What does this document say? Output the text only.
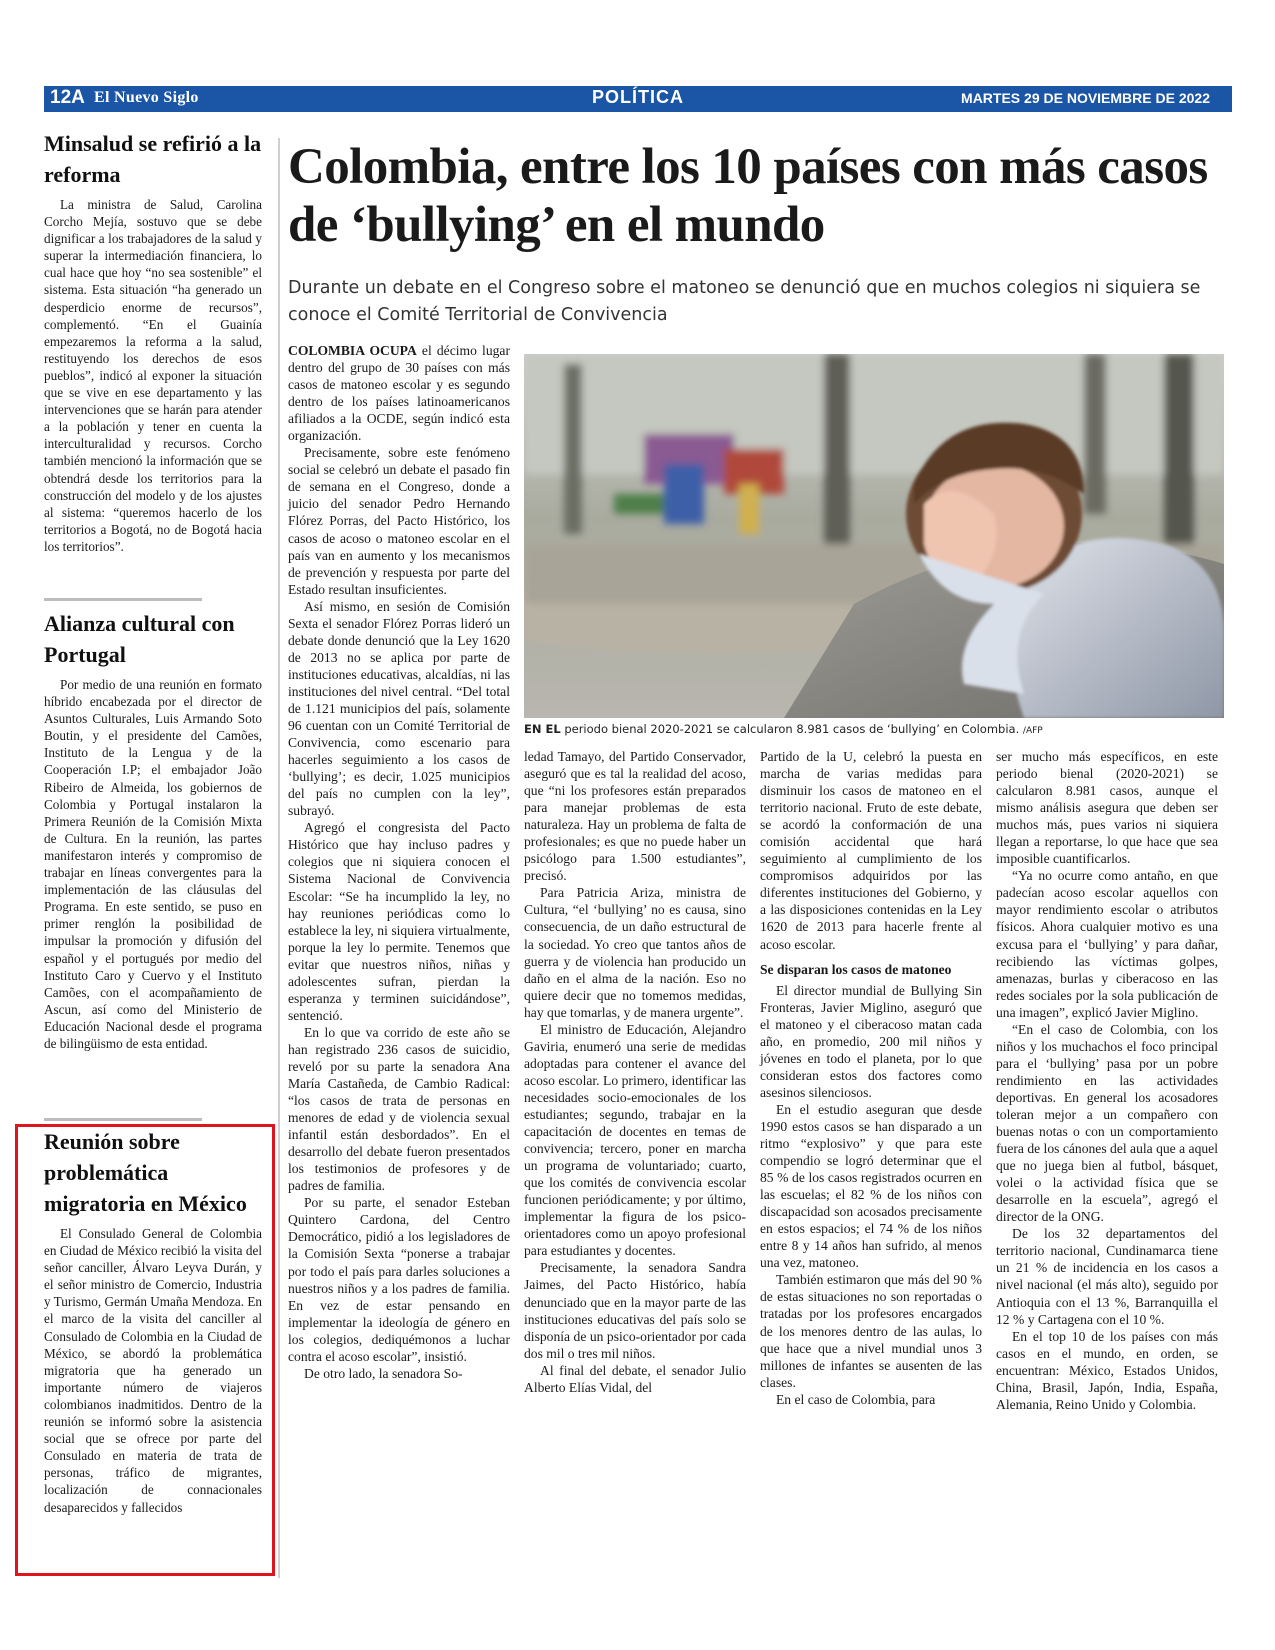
12A El Nuevo Siglo	POLÍTICA	MARTES 29 DE NOVIEMBRE DE 2022
Minsalud se refirió a la reforma

La ministra de Salud, Carolina Corcho Mejía, sostuvo que se debe dignificar a los trabajadores de la salud y superar la intermediación financiera, lo cual hace que hoy “no sea sostenible” el sistema. Esta situación “ha generado un desperdicio enorme de recursos”, complementó. “En el Guainía empezaremos la reforma a la salud, restituyendo los derechos de esos pueblos”, indicó al exponer la situación que se vive en ese departamento y las intervenciones que se harán para atender a la población y tener en cuenta la interculturalidad y recursos. Corcho también mencionó la información que se obtendrá desde los territorios para la construcción del modelo y de los ajustes al sistema: “queremos hacerlo de los territorios a Bogotá, no de Bogotá hacia los territorios”.

Alianza cultural con Portugal

Por medio de una reunión en formato híbrido encabezada por el director de Asuntos Culturales, Luis Armando Soto Boutin, y el presidente del Camões, Instituto de la Lengua y de la Cooperación I.P; el embajador João Ribeiro de Almeida, los gobiernos de Colombia y Portugal instalaron la Primera Reunión de la Comisión Mixta de Cultura. En la reunión, las partes manifestaron interés y compromiso de trabajar en líneas convergentes para la implementación de las cláusulas del Programa. En este sentido, se puso en primer renglón la posibilidad de impulsar la promoción y difusión del español y el portugués por medio del Instituto Caro y Cuervo y el Instituto Camões, con el acompañamiento de Ascun, así como del Ministerio de Educación Nacional desde el programa de bilingüismo de esta entidad.

Reunión sobre problemática migratoria en México

El Consulado General de Colombia en Ciudad de México recibió la visita del señor canciller, Álvaro Leyva Durán, y el señor ministro de Comercio, Industria y Turismo, Germán Umaña Mendoza. En el marco de la visita del canciller al Consulado de Colombia en la Ciudad de México, se abordó la problemática migratoria que ha generado un importante número de viajeros colombianos inadmitidos. Dentro de la reunión se informó sobre la asistencia social que se ofrece por parte del Consulado en materia de trata de personas, tráfico de migrantes, localización de connacionales desaparecidos y fallecidos

Colombia, entre los 10 países con más casos de ‘bullying’ en el mundo

Durante un debate en el Congreso sobre el matoneo se denunció que en muchos colegios ni siquiera se conoce el Comité Territorial de Convivencia

EN EL periodo bienal 2020-2021 se calcularon 8.981 casos de ‘bullying’ en Colombia. /AFP

COLOMBIA OCUPA el décimo lugar dentro del grupo de 30 países con más casos de matoneo escolar y es segundo dentro de los países latinoamericanos afiliados a la OCDE, según indicó esta organización.

Precisamente, sobre este fenómeno social se celebró un debate el pasado fin de semana en el Congreso, donde a juicio del senador Pedro Hernando Flórez Porras, del Pacto Histórico, los casos de acoso o matoneo escolar en el país van en aumento y los mecanismos de prevención y respuesta por parte del Estado resultan insuficientes.

Así mismo, en sesión de Comisión Sexta el senador Flórez Porras lideró un debate donde denunció que la Ley 1620 de 2013 no se aplica por parte de instituciones educativas, alcaldías, ni las instituciones del nivel central. “Del total de 1.121 municipios del país, solamente 96 cuentan con un Comité Territorial de Convivencia, como escenario para hacerles seguimiento a los casos de ‘bullying’; es decir, 1.025 municipios del país no cumplen con la ley”, subrayó.

Agregó el congresista del Pacto Histórico que hay incluso padres y colegios que ni siquiera conocen el Sistema Nacional de Convivencia Escolar: “Se ha incumplido la ley, no hay reuniones periódicas como lo establece la ley, ni siquiera virtualmente, porque la ley lo permite. Tenemos que evitar que nuestros niños, niñas y adolescentes sufran, pierdan la esperanza y terminen suicidándose”, sentenció.

En lo que va corrido de este año se han registrado 236 casos de suicidio, reveló por su parte la senadora Ana María Castañeda, de Cambio Radical: “los casos de trata de personas en menores de edad y de violencia sexual infantil están desbordados”. En el desarrollo del debate fueron presentados los testimonios de profesores y de padres de familia.

Por su parte, el senador Esteban Quintero Cardona, del Centro Democrático, pidió a los legisladores de la Comisión Sexta “ponerse a trabajar por todo el país para darles soluciones a nuestros niños y a los padres de familia. En vez de estar pensando en implementar la ideología de género en los colegios, dediquémonos a luchar contra el acoso escolar”, insistió.

De otro lado, la senadora So-

ledad Tamayo, del Partido Conservador, aseguró que es tal la realidad del acoso, que “ni los profesores están preparados para manejar problemas de esta naturaleza. Hay un problema de falta de profesionales; es que no puede haber un psicólogo para 1.500 estudiantes”, precisó.

Para Patricia Ariza, ministra de Cultura, “el ‘bullying’ no es causa, sino consecuencia, de un daño estructural de la sociedad. Yo creo que tantos años de guerra y de violencia han producido un daño en el alma de la nación. Eso no quiere decir que no tomemos medidas, hay que tomarlas, y de manera urgente”.

El ministro de Educación, Alejandro Gaviria, enumeró una serie de medidas adoptadas para contener el avance del acoso escolar. Lo primero, identificar las necesidades socio-emocionales de los estudiantes; segundo, trabajar en la capacitación de docentes en temas de convivencia; tercero, poner en marcha un programa de voluntariado; cuarto, que los comités de convivencia escolar funcionen periódicamente; y por último, implementar la figura de los psico-orientadores como un apoyo profesional para estudiantes y docentes.

Precisamente, la senadora Sandra Jaimes, del Pacto Histórico, había denunciado que en la mayor parte de las instituciones educativas del país solo se disponía de un psico-orientador por cada dos mil o tres mil niños.

Al final del debate, el senador Julio Alberto Elías Vidal, del

Partido de la U, celebró la puesta en marcha de varias medidas para disminuir los casos de matoneo en el territorio nacional. Fruto de este debate, se acordó la conformación de una comisión accidental que hará seguimiento al cumplimiento de los compromisos adquiridos por las diferentes instituciones del Gobierno, y a las disposiciones contenidas en la Ley 1620 de 2013 para hacerle frente al acoso escolar.

Se disparan los casos de matoneo

El director mundial de Bullying Sin Fronteras, Javier Miglino, aseguró que el matoneo y el ciberacoso matan cada año, en promedio, 200 mil niños y jóvenes en todo el planeta, por lo que consideran estos dos factores como asesinos silenciosos.

En el estudio aseguran que desde 1990 estos casos se han disparado a un ritmo “explosivo” y que para este compendio se logró determinar que el 85 % de los casos registrados ocurren en las escuelas; el 82 % de los niños con discapacidad son acosados precisamente en estos espacios; el 74 % de los niños entre 8 y 14 años han sufrido, al menos una vez, matoneo.

También estimaron que más del 90 % de estas situaciones no son reportadas o tratadas por los profesores encargados de los menores dentro de las aulas, lo que hace que a nivel mundial unos 3 millones de infantes se ausenten de las clases.

En el caso de Colombia, para

ser mucho más específicos, en este periodo bienal (2020-2021) se calcularon 8.981 casos, aunque el mismo análisis asegura que deben ser muchos más, pues varios ni siquiera llegan a reportarse, lo que hace que sea imposible cuantificarlos.

“Ya no ocurre como antaño, en que padecían acoso escolar aquellos con mayor rendimiento escolar o atributos físicos. Ahora cualquier motivo es una excusa para el ‘bullying’ y para dañar, recibiendo las víctimas golpes, amenazas, burlas y ciberacoso en las redes sociales por la sola publicación de una imagen”, explicó Javier Miglino.

“En el caso de Colombia, con los niños y los muchachos el foco principal para el ‘bullying’ pasa por un pobre rendimiento en las actividades deportivas. En general los acosadores toleran mejor a un compañero con buenas notas o con un comportamiento fuera de los cánones del aula que a aquel que no juega bien al futbol, básquet, volei o la actividad física que se desarrolle en la escuela”, agregó el director de la ONG.

De los 32 departamentos del territorio nacional, Cundinamarca tiene un 21 % de incidencia en los casos a nivel nacional (el más alto), seguido por Antioquia con el 13 %, Barranquilla el 12 % y Cartagena con el 10 %.

En el top 10 de los países con más casos en el mundo, en orden, se encuentran: México, Estados Unidos, China, Brasil, Japón, India, España, Alemania, Reino Unido y Colombia.
